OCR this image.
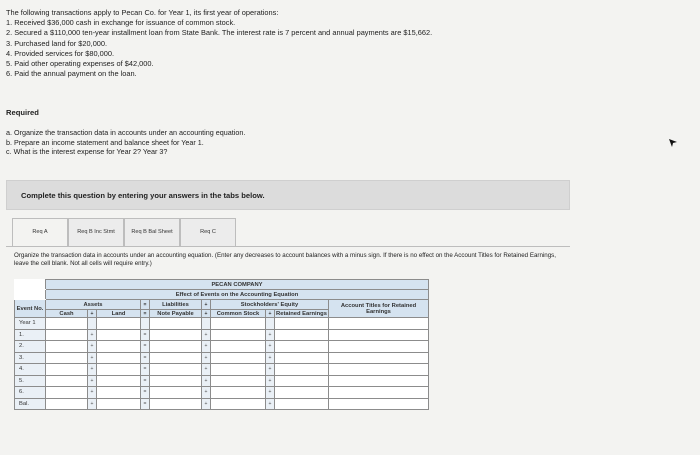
The following transactions apply to Pecan Co. for Year 1, its first year of operations:

1. Received $36,000 cash in exchange for issuance of common stock.

2. Secured a $110,000 ten-year installment loan from State Bank. The interest rate is 7 percent and annual payments are $15,662.

3. Purchased land for $20,000.

4. Provided services for $80,000.

5. Paid other operating expenses of $42,000.

6. Paid the annual payment on the loan.

Required

a. Organize the transaction data in accounts under an accounting equation.

b. Prepare an income statement and balance sheet for Year 1.

c. What is the interest expense for Year 2? Year 3?

Complete this question by entering your answers in the tabs below.
Req A	Req B Inc Stmt	Req B Bal Sheet	Req C
Organize the transaction data in accounts under an accounting equation. (Enter any decreases to account balances with a minus sign. If there is no effect on the Account Titles for Retained Earnings, leave the cell blank. Not all cells will require entry.)
	PECAN COMPANY									
	Effect of Events on the Accounting Equation									
Event No.	Assets			=	Liabilities	+	Stockholders' Equity			Account Titles for Retained Earnings
	Cash	+	Land	=	Note Payable	+	Common Stock	+	Retained Earnings	

Year 1										
1.		+		=		+		+		
2.		+		=		+		+		
3.		+		=		+		+		
4.		+		=		+		+		
5.		+		=		+		+		
6.		+		=		+		+		
Bal.		+		=		+		+		
